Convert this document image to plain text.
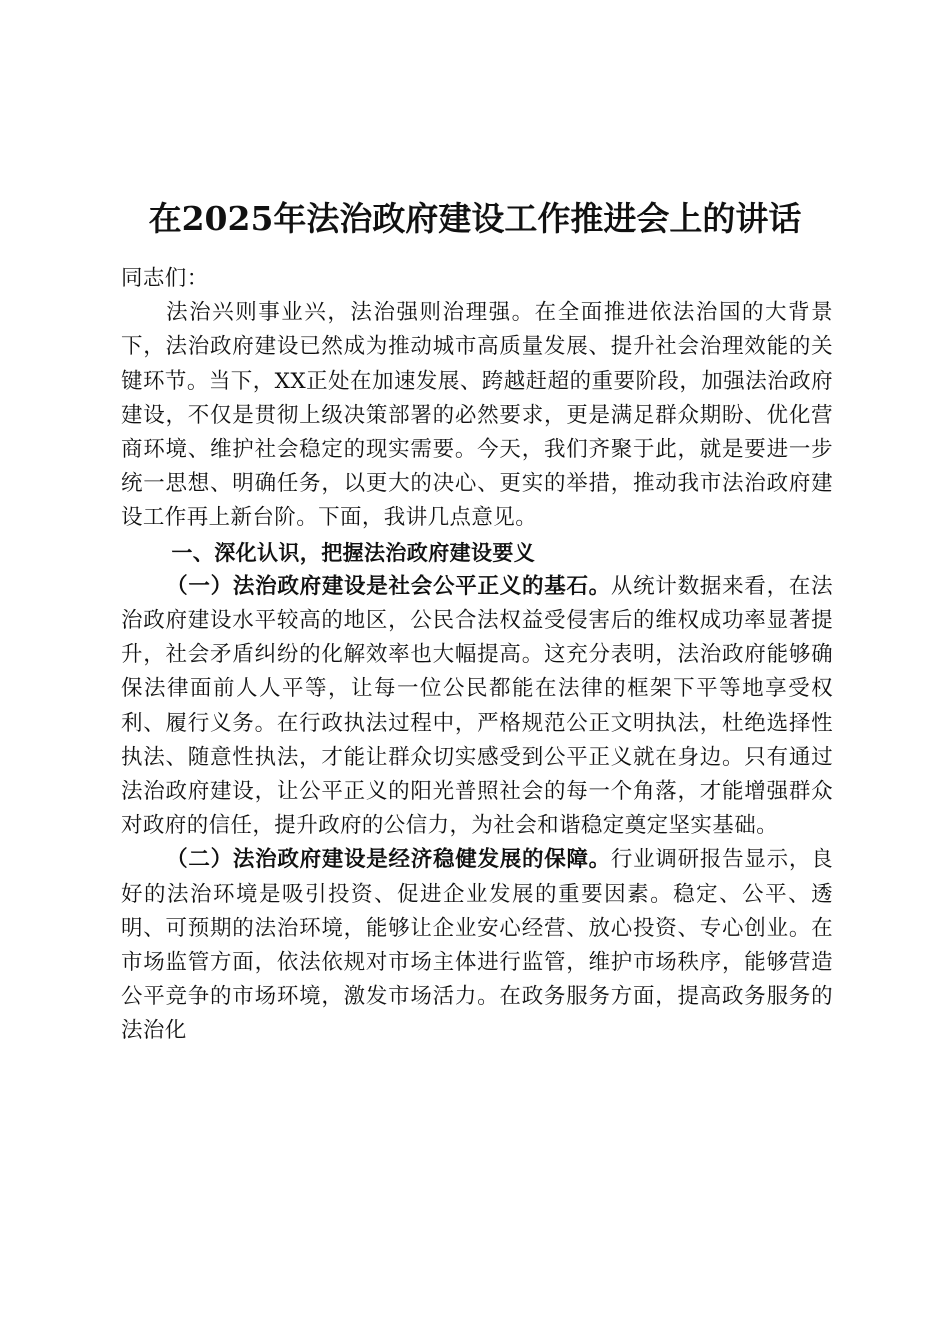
在2025年法治政府建设工作推进会上的讲话

同志们：

法治兴则事业兴，法治强则治理强。在全面推进依法治国的大背景下，法治政府建设已然成为推动城市高质量发展、提升社会治理效能的关键环节。当下，XX正处在加速发展、跨越赶超的重要阶段，加强法治政府建设，不仅是贯彻上级决策部署的必然要求，更是满足群众期盼、优化营商环境、维护社会稳定的现实需要。今天，我们齐聚于此，就是要进一步统一思想、明确任务，以更大的决心、更实的举措，推动我市法治政府建设工作再上新台阶。下面，我讲几点意见。

一、深化认识，把握法治政府建设要义

（一）法治政府建设是社会公平正义的基石。从统计数据来看，在法治政府建设水平较高的地区，公民合法权益受侵害后的维权成功率显著提升，社会矛盾纠纷的化解效率也大幅提高。这充分表明，法治政府能够确保法律面前人人平等，让每一位公民都能在法律的框架下平等地享受权利、履行义务。在行政执法过程中，严格规范公正文明执法，杜绝选择性执法、随意性执法，才能让群众切实感受到公平正义就在身边。只有通过法治政府建设，让公平正义的阳光普照社会的每一个角落，才能增强群众对政府的信任，提升政府的公信力，为社会和谐稳定奠定坚实基础。

（二）法治政府建设是经济稳健发展的保障。行业调研报告显示，良好的法治环境是吸引投资、促进企业发展的重要因素。稳定、公平、透明、可预期的法治环境，能够让企业安心经营、放心投资、专心创业。在市场监管方面，依法依规对市场主体进行监管，维护市场秩序，能够营造公平竞争的市场环境，激发市场活力。在政务服务方面，提高政务服务的法治化
